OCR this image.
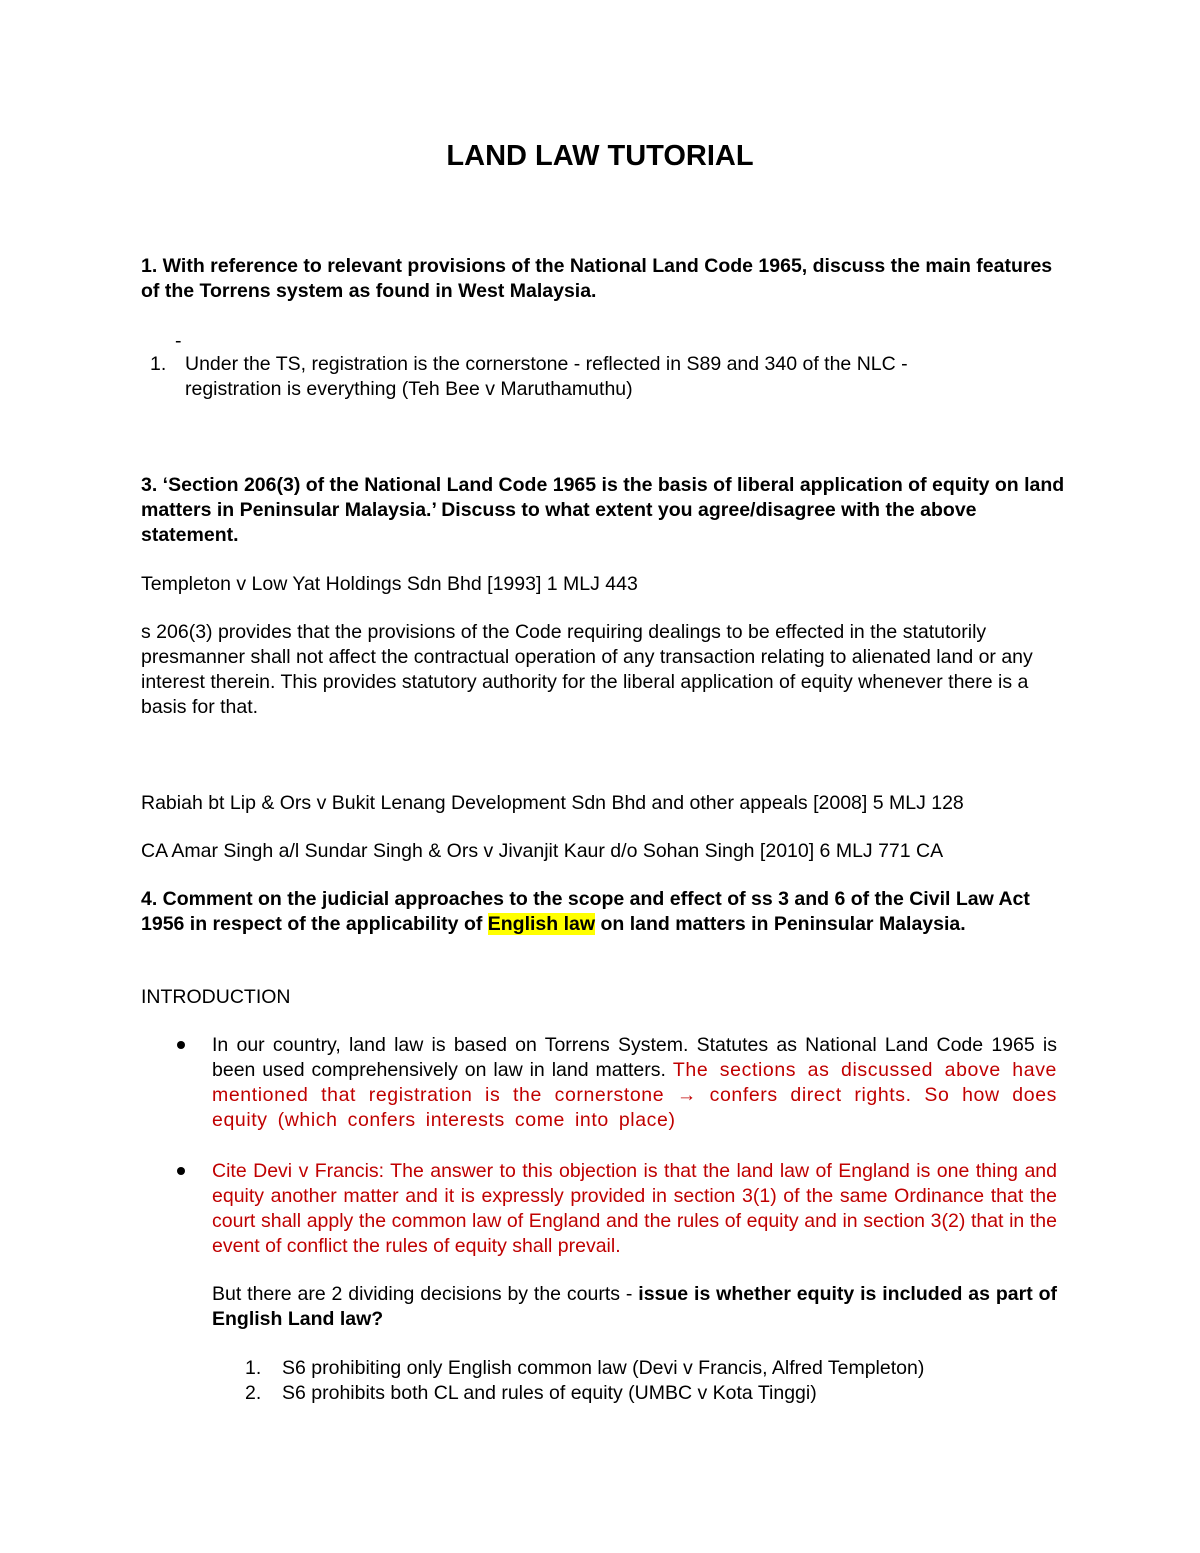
LAND LAW TUTORIAL
1. With reference to relevant provisions of the National Land Code 1965, discuss the main features of the Torrens system as found in West Malaysia.
-
1. Under the TS, registration is the cornerstone - reflected in S89 and 340 of the NLC -
registration is everything (Teh Bee v Maruthamuthu)
3. ‘Section 206(3) of the National Land Code 1965 is the basis of liberal application of equity on land matters in Peninsular Malaysia.’ Discuss to what extent you agree/disagree with the above statement.
Templeton v Low Yat Holdings Sdn Bhd [1993] 1 MLJ 443
s 206(3) provides that the provisions of the Code requiring dealings to be effected in the statutorily presmanner shall not affect the contractual operation of any transaction relating to alienated land or any interest therein. This provides statutory authority for the liberal application of equity whenever there is a basis for that.
Rabiah bt Lip & Ors v Bukit Lenang Development Sdn Bhd and other appeals [2008] 5 MLJ 128
CA Amar Singh a/l Sundar Singh & Ors v Jivanjit Kaur d/o Sohan Singh [2010] 6 MLJ 771 CA
4. Comment on the judicial approaches to the scope and effect of ss 3 and 6 of the Civil Law Act 1956 in respect of the applicability of English law on land matters in Peninsular Malaysia.
INTRODUCTION
In our country, land law is based on Torrens System. Statutes as National Land Code 1965 is been used comprehensively on law in land matters. The sections as discussed above have mentioned that registration is the cornerstone → confers direct rights. So how does equity (which confers interests come into place)
Cite Devi v Francis: The answer to this objection is that the land law of England is one thing and equity another matter and it is expressly provided in section 3(1) of the same Ordinance that the court shall apply the common law of England and the rules of equity and in section 3(2) that in the event of conflict the rules of equity shall prevail.
But there are 2 dividing decisions by the courts - issue is whether equity is included as part of English Land law?
1. S6 prohibiting only English common law (Devi v Francis, Alfred Templeton)
2. S6 prohibits both CL and rules of equity (UMBC v Kota Tinggi)
